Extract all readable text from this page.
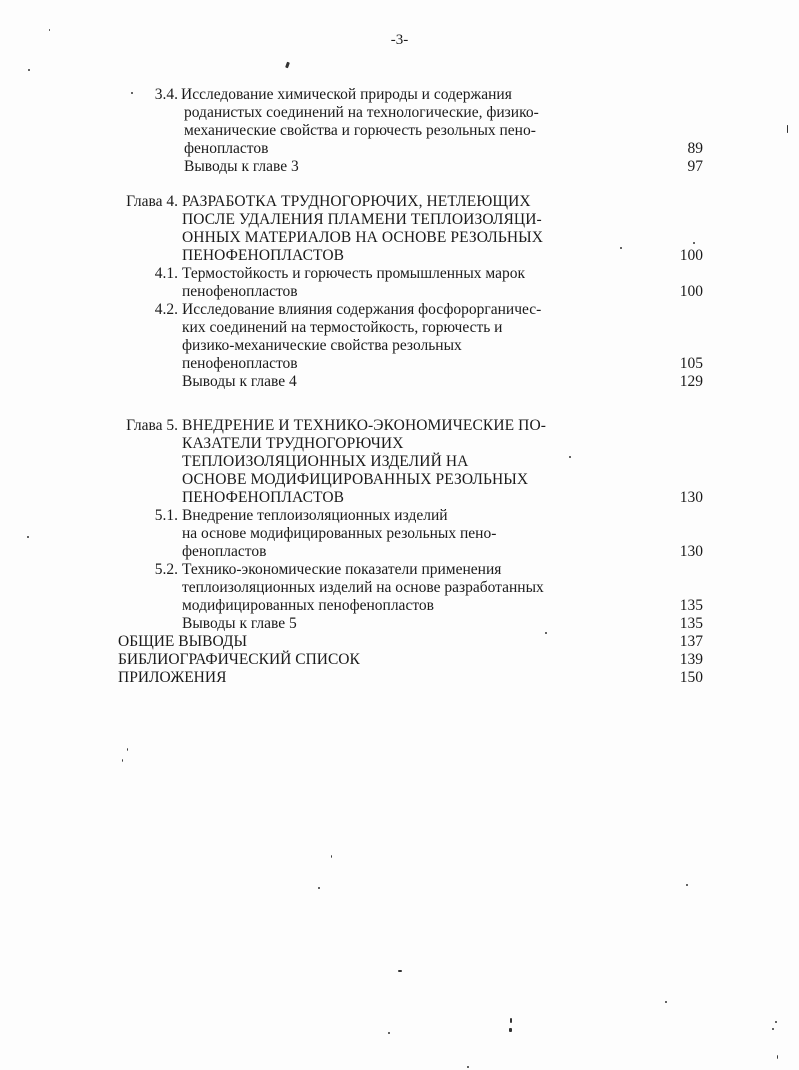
-3-
3.4. Исследование химической природы и содержания
роданистых соединений на технологические, физико-
механические свойства и горючесть резольных пено-
фенопластов	89
Выводы к главе 3	97
Глава 4. РАЗРАБОТКА ТРУДНОГОРЮЧИХ, НЕТЛЕЮЩИХ
ПОСЛЕ УДАЛЕНИЯ ПЛАМЕНИ ТЕПЛОИЗОЛЯЦИ-
ОННЫХ МАТЕРИАЛОВ НА ОСНОВЕ РЕЗОЛЬНЫХ
ПЕНОФЕНОПЛАСТОВ	100
4.1. Термостойкость и горючесть промышленных марок
пенофенопластов	100
4.2. Исследование влияния содержания фосфорорганичес-
ких соединений на термостойкость, горючесть и
физико-механические свойства резольных
пенофенопластов	105
Выводы к главе 4	129
Глава 5. ВНЕДРЕНИЕ И ТЕХНИКО-ЭКОНОМИЧЕСКИЕ ПО-
КАЗАТЕЛИ ТРУДНОГОРЮЧИХ
ТЕПЛОИЗОЛЯЦИОННЫХ ИЗДЕЛИЙ НА
ОСНОВЕ МОДИФИЦИРОВАННЫХ РЕЗОЛЬНЫХ
ПЕНОФЕНОПЛАСТОВ	130
5.1. Внедрение теплоизоляционных изделий
на основе модифицированных резольных пено-
фенопластов	130
5.2. Технико-экономические показатели применения
теплоизоляционных изделий на основе разработанных
модифицированных пенофенопластов	135
Выводы к главе 5	135
ОБЩИЕ ВЫВОДЫ	137
БИБЛИОГРАФИЧЕСКИЙ СПИСОК	139
ПРИЛОЖЕНИЯ	150
